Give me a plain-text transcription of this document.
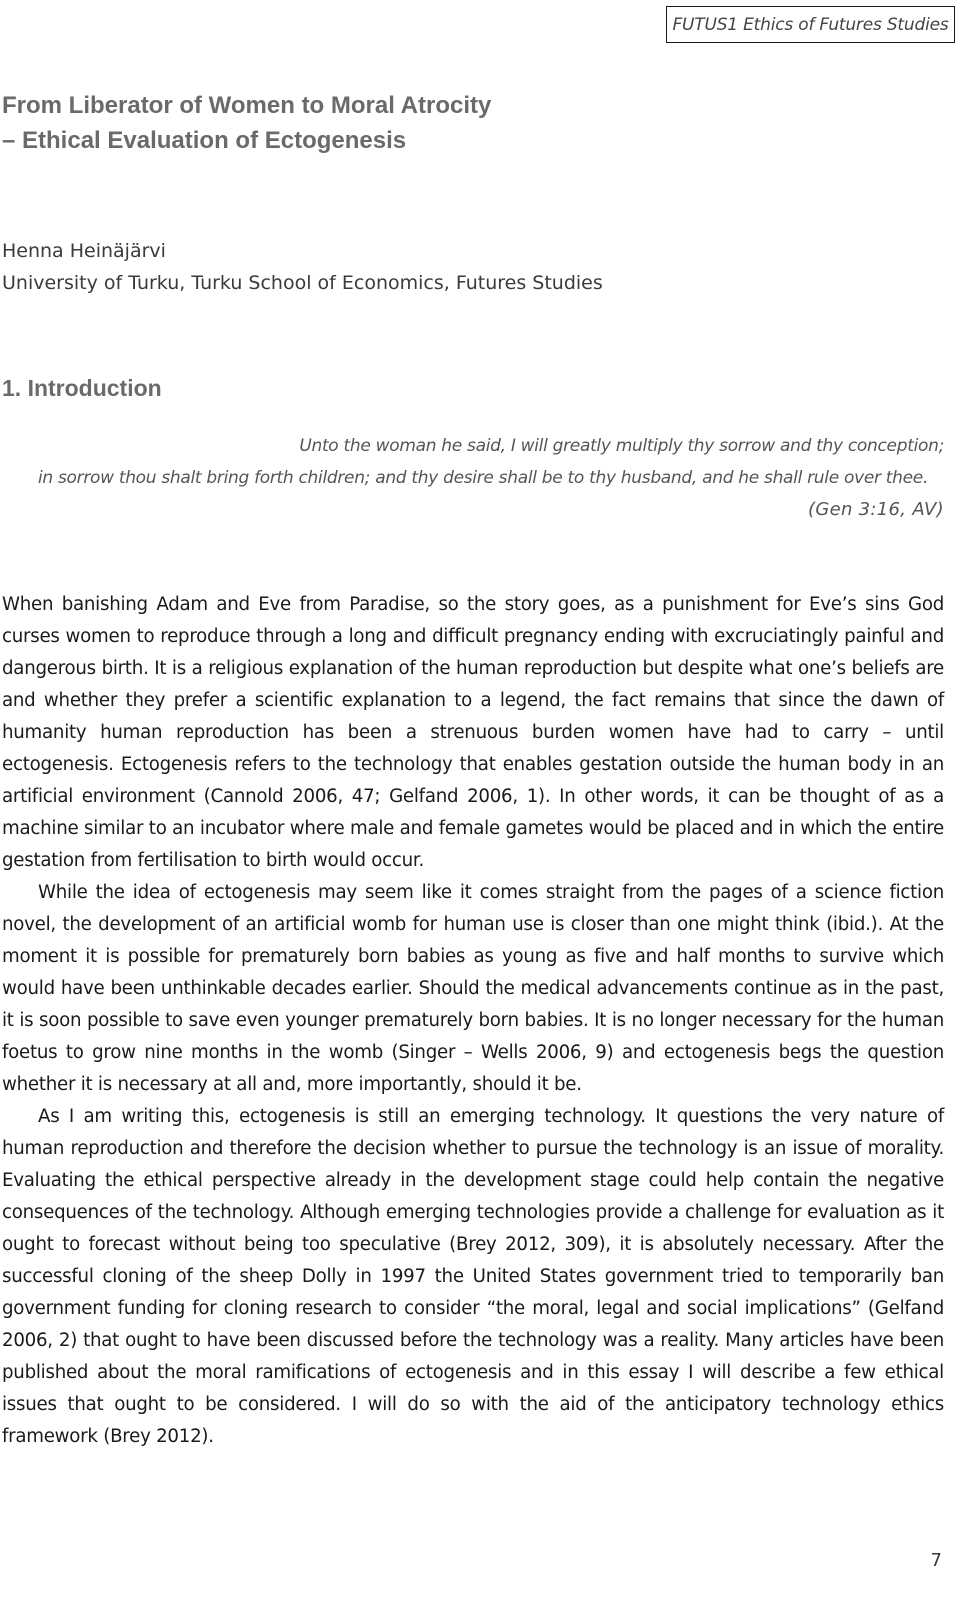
FUTUS1 Ethics of Futures Studies
From Liberator of Women to Moral Atrocity
– Ethical Evaluation of Ectogenesis
Henna Heinäjärvi
University of Turku, Turku School of Economics, Futures Studies
1. Introduction
Unto the woman he said, I will greatly multiply thy sorrow and thy conception;
in sorrow thou shalt bring forth children; and thy desire shall be to thy husband, and he shall rule over thee.
(Gen 3:16, AV)

When banishing Adam and Eve from Paradise, so the story goes, as a punishment for Eve’s sins God curses women to reproduce through a long and difficult pregnancy ending with excruciatingly painful and dangerous birth. It is a religious explanation of the human reproduction but despite what one’s beliefs are and whether they prefer a scientific explanation to a legend, the fact remains that since the dawn of humanity human reproduction has been a strenuous burden women have had to carry – until ectogenesis. Ectogenesis refers to the technology that enables gestation outside the human body in an artificial environment (Cannold 2006, 47; Gelfand 2006, 1). In other words, it can be thought of as a machine similar to an incubator where male and female gametes would be placed and in which the entire gestation from fertilisation to birth would occur.

While the idea of ectogenesis may seem like it comes straight from the pages of a science fiction novel, the development of an artificial womb for human use is closer than one might think (ibid.). At the moment it is possible for prematurely born babies as young as five and half months to survive which would have been unthinkable decades earlier. Should the medical advancements continue as in the past, it is soon possible to save even younger prematurely born babies. It is no longer necessary for the human foetus to grow nine months in the womb (Singer – Wells 2006, 9) and ectogenesis begs the question whether it is necessary at all and, more importantly, should it be.

As I am writing this, ectogenesis is still an emerging technology. It questions the very nature of human reproduction and therefore the decision whether to pursue the technology is an issue of morality. Evaluating the ethical perspective already in the development stage could help contain the negative consequences of the technology. Although emerging technologies provide a challenge for evaluation as it ought to forecast without being too speculative (Brey 2012, 309), it is absolutely necessary. After the successful cloning of the sheep Dolly in 1997 the United States government tried to temporarily ban government funding for cloning research to consider “the moral, legal and social implications” (Gelfand 2006, 2) that ought to have been discussed before the technology was a reality. Many articles have been published about the moral ramifications of ectogenesis and in this essay I will describe a few ethical issues that ought to be considered. I will do so with the aid of the anticipatory technology ethics framework (Brey 2012).

7
